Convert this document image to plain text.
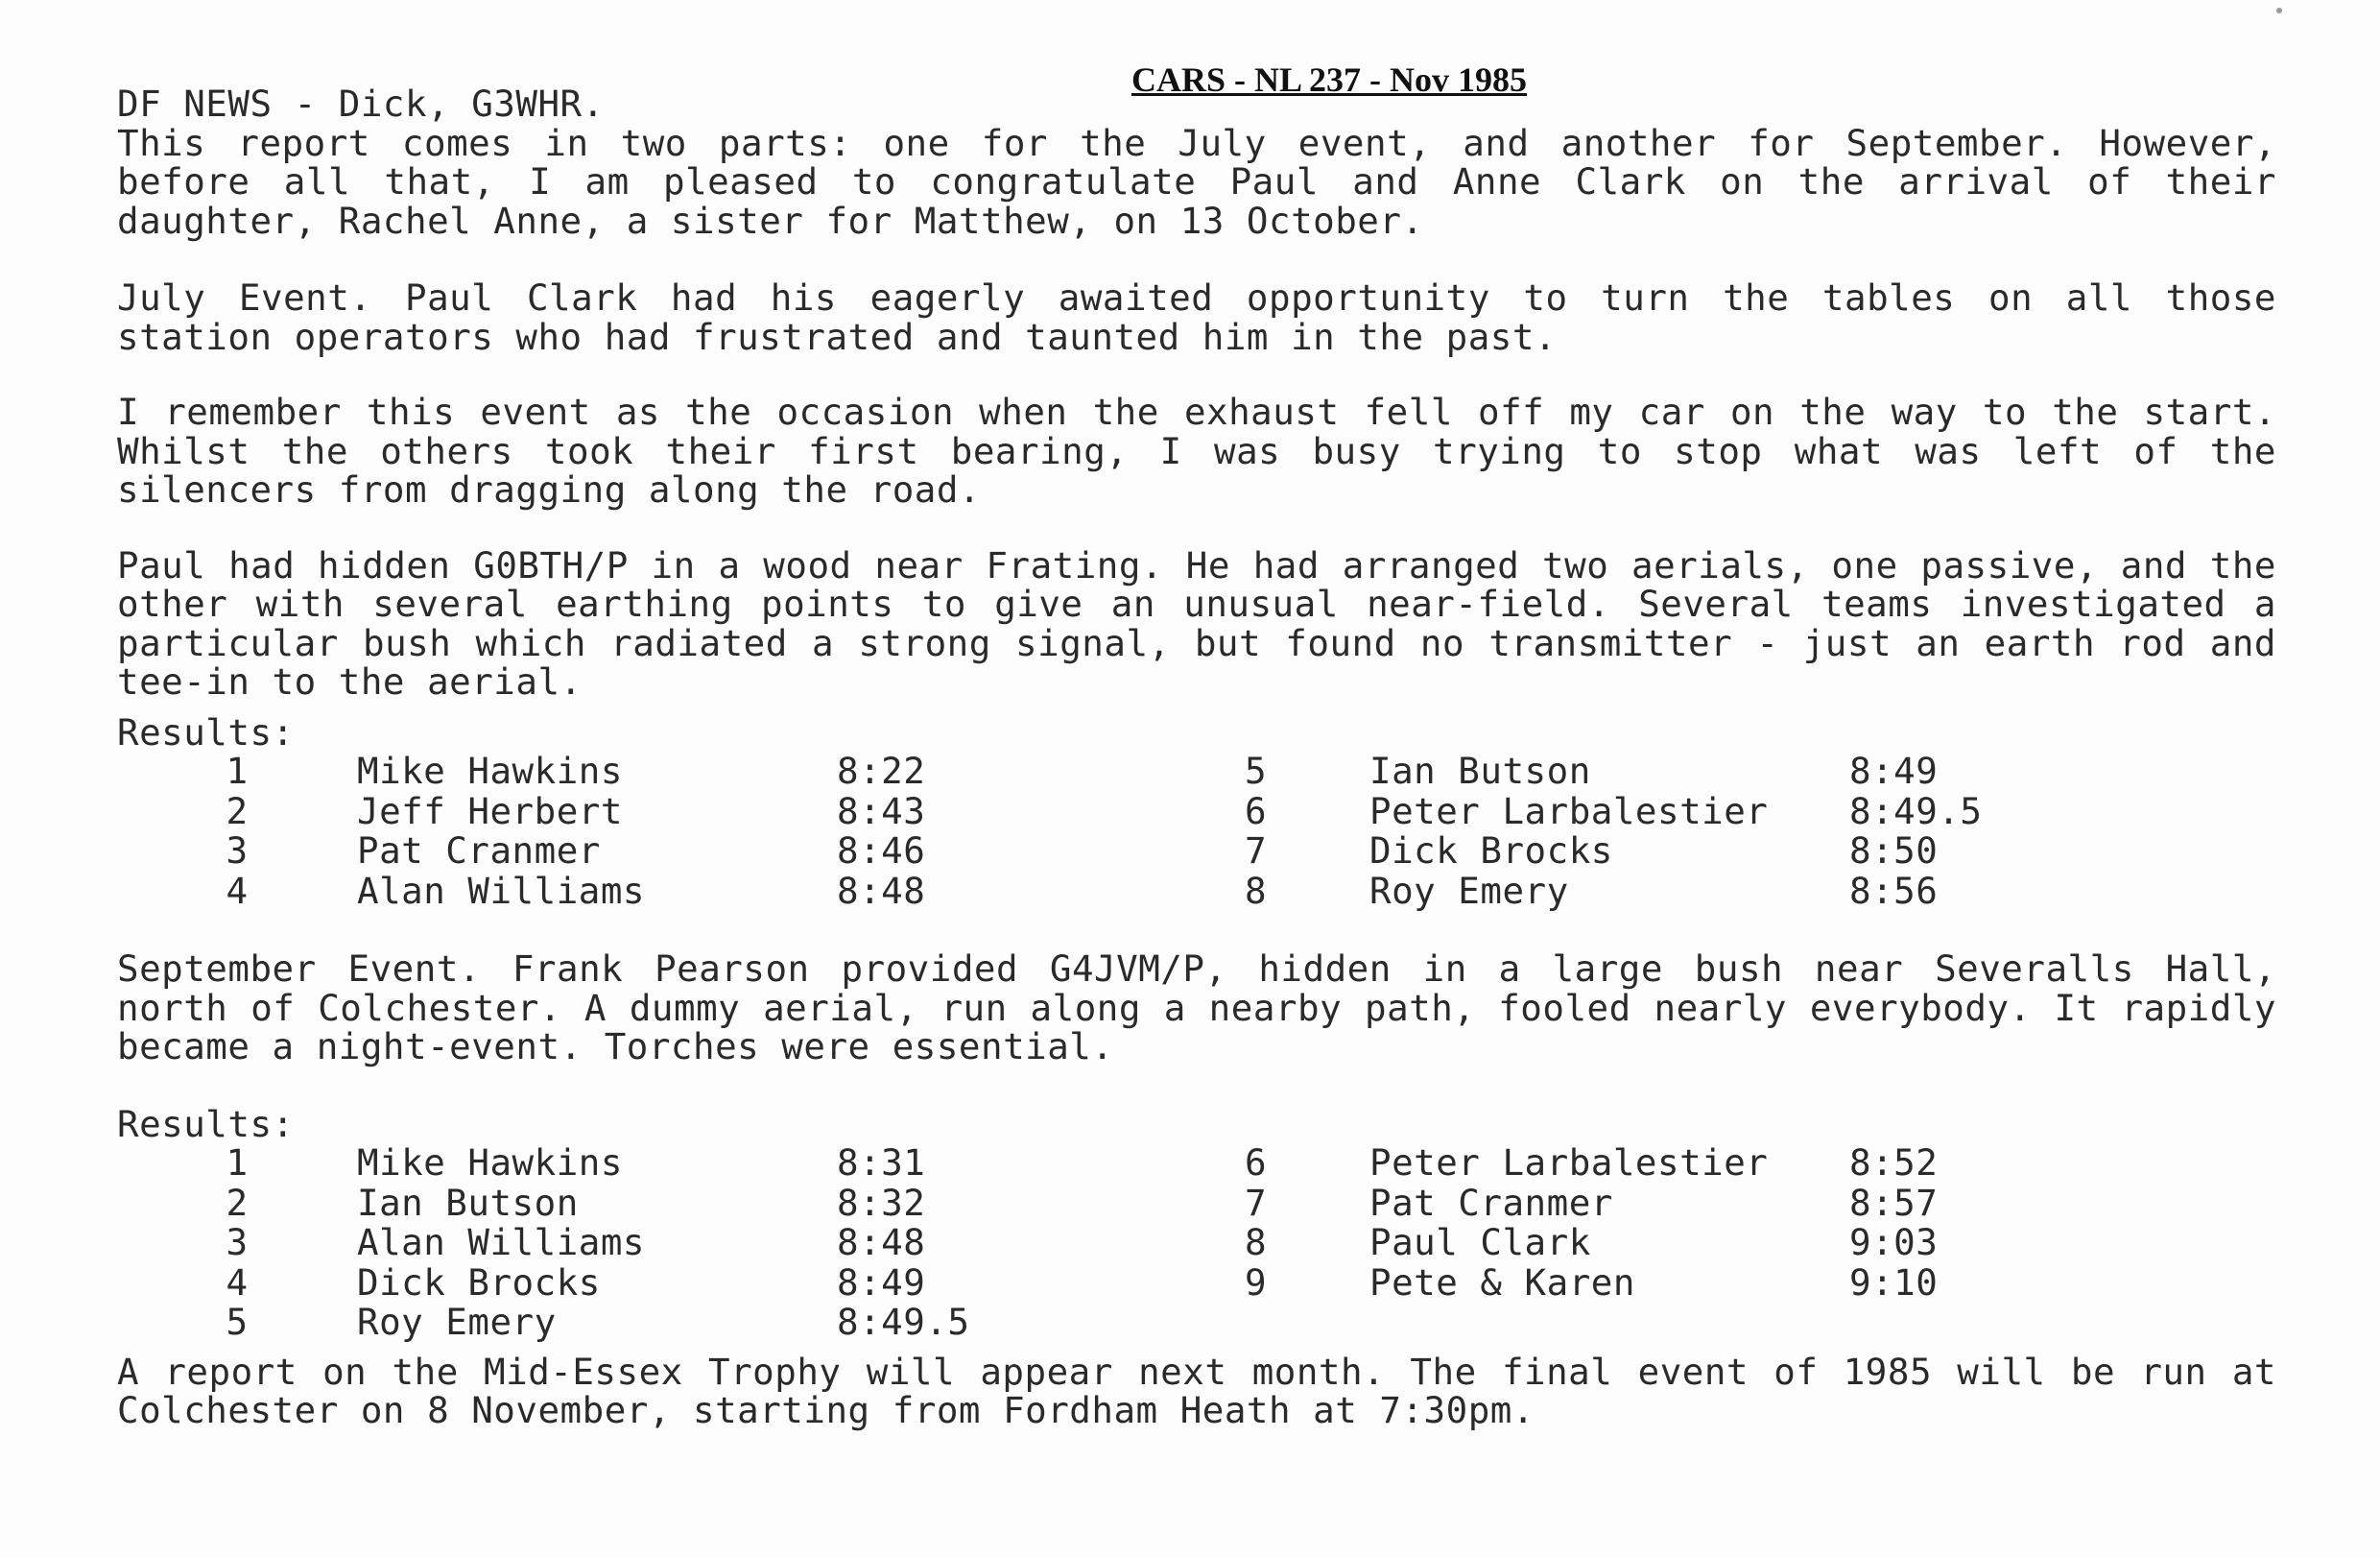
CARS - NL 237 - Nov 1985
DF NEWS - Dick, G3WHR.

This report comes in two parts: one for the July event, and another for September. However, before all that, I am pleased to congratulate Paul and Anne Clark on the arrival of their daughter, Rachel Anne, a sister for Matthew, on 13 October.

July Event. Paul Clark had his eagerly awaited opportunity to turn the tables on all those station operators who had frustrated and taunted him in the past.

I remember this event as the occasion when the exhaust fell off my car on the way to the start. Whilst the others took their first bearing, I was busy trying to stop what was left of the silencers from dragging along the road.

Paul had hidden G0BTH/P in a wood near Frating. He had arranged two aerials, one passive, and the other with several earthing points to give an unusual near-field. Several teams investigated a particular bush which radiated a strong signal, but found no transmitter - just an earth rod and tee-in to the aerial.

Results:
1	Mike Hawkins	8:22	5	Ian Butson	8:49
2	Jeff Herbert	8:43	6	Peter Larbalestier	8:49.5
3	Pat Cranmer	8:46	7	Dick Brocks	8:50
4	Alan Williams	8:48	8	Roy Emery	8:56

September Event. Frank Pearson provided G4JVM/P, hidden in a large bush near Severalls Hall, north of Colchester. A dummy aerial, run along a nearby path, fooled nearly everybody. It rapidly became a night-event. Torches were essential.

Results:
1	Mike Hawkins	8:31	6	Peter Larbalestier	8:52
2	Ian Butson	8:32	7	Pat Cranmer	8:57
3	Alan Williams	8:48	8	Paul Clark	9:03
4	Dick Brocks	8:49	9	Pete & Karen	9:10
5	Roy Emery	8:49.5			

A report on the Mid-Essex Trophy will appear next month. The final event of 1985 will be run at Colchester on 8 November, starting from Fordham Heath at 7:30pm.
